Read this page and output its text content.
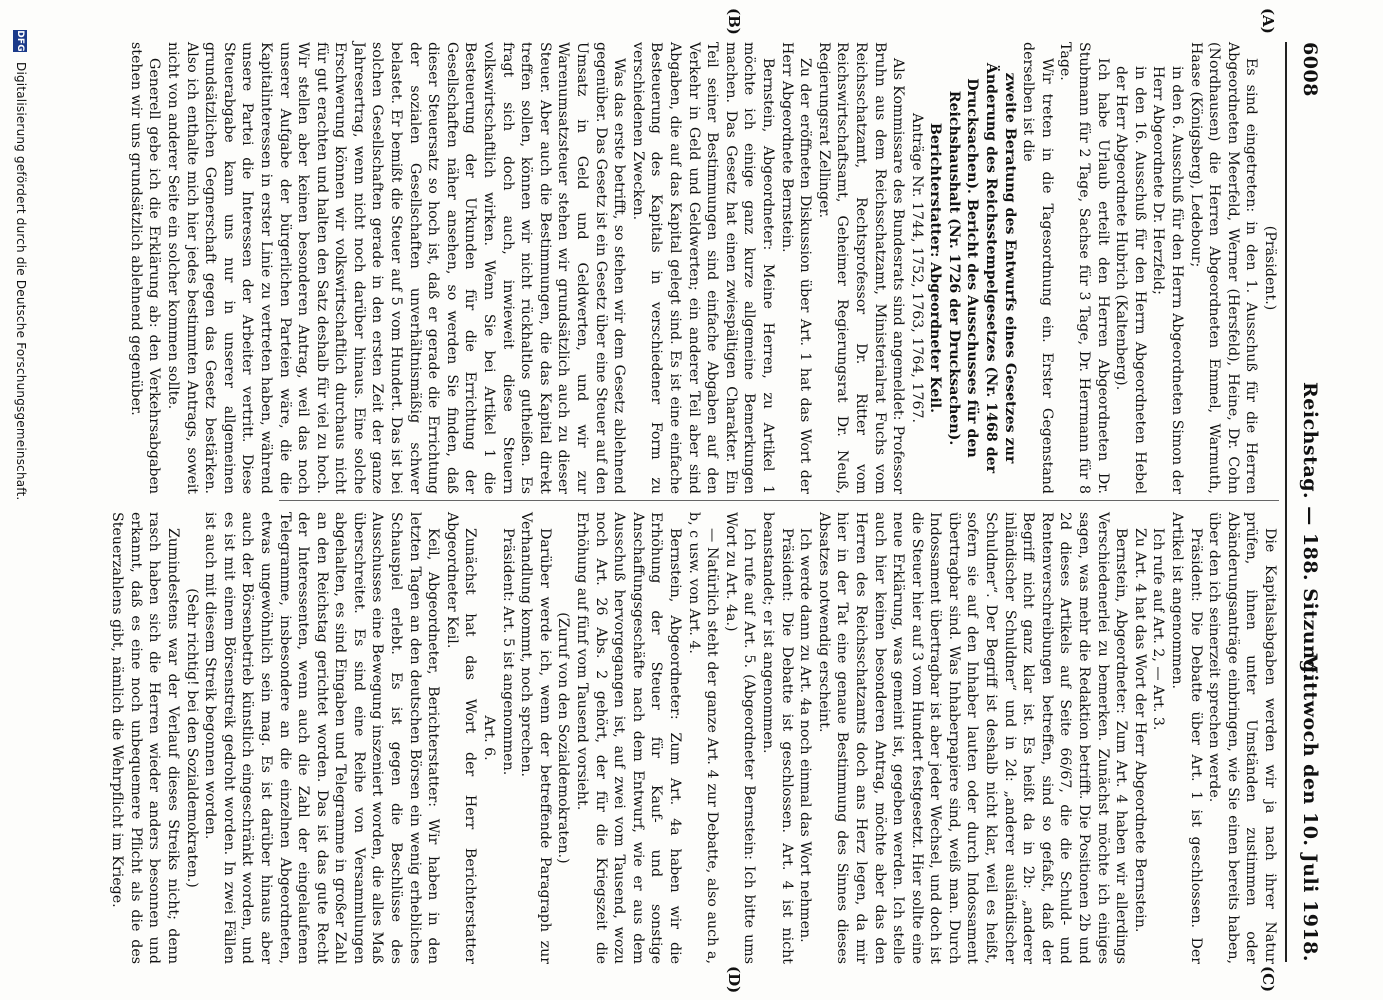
6008
Reichstag. — 188. Sitzung.
Mittwoch den 10. Juli 1918.
(A)
(B)
(C)
(D)

(Präsident.)

Es sind eingetreten: in den 1. Ausschuß für die Herren Abgeordneten Meerfeld, Werner (Hersfeld), Heine, Dr. Cohn (Nordhausen) die Herren Abgeordneten Emmel, Warmuth, Haase (Königsberg), Ledebour;

in den 6. Ausschuß für den Herrn Abgeordneten Simon der Herr Abgeordnete Dr. Herzfeld;

in den 16. Ausschuß für den Herrn Abgeordneten Hebel der Herr Abgeordnete Hubrich (Kaltenberg).

Ich habe Urlaub erteilt den Herren Abgeordneten Dr. Stubmann für 2 Tage, Sachse für 3 Tage, Dr. Herrmann für 8 Tage.

Wir treten in die Tagesordnung ein. Erster Gegenstand derselben ist die

zweite Beratung des Entwurfs eines Gesetzes zur Änderung des Reichsstempelgesetzes (Nr. 1468 der Drucksachen). Bericht des Ausschusses für den Reichshaushalt (Nr. 1726 der Drucksachen). Berichterstatter: Abgeordneter Keil.

Anträge Nr. 1744, 1752, 1763, 1764, 1767.

Als Kommissare des Bundesrats sind angemeldet: Professor Bruhn aus dem Reichsschatzamt, Ministerialrat Fuchs vom Reichsschatzamt, Rechtsprofessor Dr. Ritter vom Reichswirtschaftsamt, Geheimer Regierungsrat Dr. Neuß, Regierungsrat Zellinger.

Zu der eröffneten Diskussion über Art. 1 hat das Wort der Herr Abgeordnete Bernstein.

Bernstein, Abgeordneter: Meine Herren, zu Artikel 1 möchte ich einige ganz kurze allgemeine Bemerkungen machen. Das Gesetz hat einen zwiespältigen Charakter. Ein Teil seiner Bestimmungen sind einfache Abgaben auf den Verkehr in Geld und Geldwerten; ein anderer Teil aber sind Abgaben, die auf das Kapital gelegt sind. Es ist eine einfache Besteuerung des Kapitals in verschiedener Form zu verschiedenen Zwecken.

Was das erste betrifft, so stehen wir dem Gesetz ablehnend gegenüber. Das Gesetz ist ein Gesetz über eine Steuer auf den Umsatz in Geld und Geldwerten, und wir zur Warenumsatzsteuer stehen wir grundsätzlich auch zu dieser Steuer. Aber auch die Bestimmungen, die das Kapital direkt treffen sollen, können wir nicht rückhaltlos gutheißen. Es fragt sich doch auch, inwieweit diese Steuern volkswirtschaftlich wirken. Wenn Sie bei Artikel 1 die Besteuerung der Urkunden für die Errichtung der Gesellschaften näher ansehen, so werden Sie finden, daß dieser Steuersatz so hoch ist, daß er gerade die Errichtung der sozialen Gesellschaften unverhältnismäßig schwer belastet. Er bemißt die Steuer auf 5 vom Hundert. Das ist bei solchen Gesellschaften gerade in den ersten Zeit der ganze Jahresertrag, wenn nicht noch darüber hinaus. Eine solche Erschwerung können wir volkswirtschaftlich durchaus nicht für gut erachten und halten den Satz deshalb für viel zu hoch. Wir stellen aber keinen besonderen Antrag, weil das noch unserer Aufgabe der bürgerlichen Parteien wäre, die die Kapitalinteressen in erster Linie zu vertreten haben, während unsere Partei die Interessen der Arbeiter vertritt. Diese Steuerabgabe kann uns nur in unserer allgemeinen grundsätzlichen Gegnerschaft gegen das Gesetz bestärken. Also ich enthalte mich hier jedes bestimmten Antrags, soweit nicht von anderer Seite ein solcher kommen sollte.

Generell gebe ich die Erklärung ab: den Verkehrsabgaben stehen wir uns grundsätzlich ablehnend gegenüber.

Die Kapitalsabgaben werden wir ja nach ihrer Natur prüfen, ihnen unter Umständen zustimmen oder Abänderungsanträge einbringen, wie Sie einen bereits haben, über den ich seinerzeit sprechen werde.

Präsident: Die Debatte über Art. 1 ist geschlossen. Der Artikel ist angenommen.

Ich rufe auf Art. 2, — Art. 3.

Zu Art. 4 hat das Wort der Herr Abgeordnete Bernstein.

Bernstein, Abgeordneter: Zum Art. 4 haben wir allerdings Verschiedenerlei zu bemerken. Zunächst möchte ich einiges sagen, was mehr die Redaktion betrifft. Die Positionen 2b und 2d dieses Artikels auf Seite 66/67, die die Schuld- und Rentenverschreibungen betreffen, sind so gefaßt, daß der Begriff nicht ganz klar ist. Es heißt da in 2b: „anderer inländischer Schuldner“ und in 2d: „anderer ausländischer Schuldner“. Der Begriff ist deshalb nicht klar, weil es heißt, sofern sie auf den Inhaber lauten oder durch Indossament übertragbar sind. Was Inhaberpapiere sind, weiß man. Durch Indossament übertragbar ist aber jeder Wechsel, und doch ist die Steuer hier auf 3 vom Hundert festgesetzt. Hier sollte eine neue Erklärung, was gemeint ist, gegeben werden. Ich stelle auch hier keinen besonderen Antrag, möchte aber das den Herren des Reichsschatzamts doch ans Herz legen, da mir hier in der Tat eine genaue Bestimmung des Sinnes dieses Absatzes notwendig erscheint.

Ich werde dann zu Art. 4a noch einmal das Wort nehmen.

Präsident: Die Debatte ist geschlossen. Art. 4 ist nicht beanstandet; er ist angenommen.

Ich rufe auf Art. 5. (Abgeordneter Bernstein: Ich bitte ums Wort zu Art. 4a.)

— Natürlich steht der ganze Art. 4 zur Debatte, also auch a, b, c usw. von Art. 4.

Bernstein, Abgeordneter: Zum Art. 4a haben wir die Erhöhung der Steuer für Kauf- und sonstige Anschaffungsgeschäfte nach dem Entwurf, wie er aus dem Ausschuß hervorgegangen ist, auf zwei vom Tausend, wozu noch Art. 26 Abs. 2 gehört, der für die Kriegszeit die Erhöhung auf fünf vom Tausend vorsieht.

(Zuruf von den Sozialdemokraten.)

Darüber werde ich, wenn der betreffende Paragraph zur Verhandlung kommt, noch sprechen.

Präsident: Art. 5 ist angenommen.

Art. 6.

Zunächst hat das Wort der Herr Berichterstatter Abgeordneter Keil.

Keil, Abgeordneter, Berichterstatter: Wir haben in den letzten Tagen an den deutschen Börsen ein wenig erhebliches Schauspiel erlebt. Es ist gegen die Beschlüsse des Ausschusses eine Bewegung inszeniert worden, die alles Maß überschreitet. Es sind eine Reihe von Versammlungen abgehalten, es sind Eingaben und Telegramme in großer Zahl an den Reichstag gerichtet worden. Das ist das gute Recht der Interessenten, wenn auch die Zahl der eingelaufenen Telegramme, insbesondere an die einzelnen Abgeordneten, etwas ungewöhnlich sein mag. Es ist darüber hinaus aber auch der Börsenbetrieb künstlich eingeschränkt worden, und es ist mit einem Börsenstreik gedroht worden. In zwei Fällen ist auch mit diesem Streik begonnen worden.

(Sehr richtig! bei den Sozialdemokraten.)

Zumindestens war der Verlauf dieses Streiks nicht; denn rasch haben sich die Herren wieder anders besonnen und erkannt, daß es eine noch unbequemere Pflicht als die des Steuerzahlens gibt, nämlich die Wehrpflicht im Kriege.

DFG Digitalisierung gefördert durch die Deutsche Forschungsgemeinschaft.
